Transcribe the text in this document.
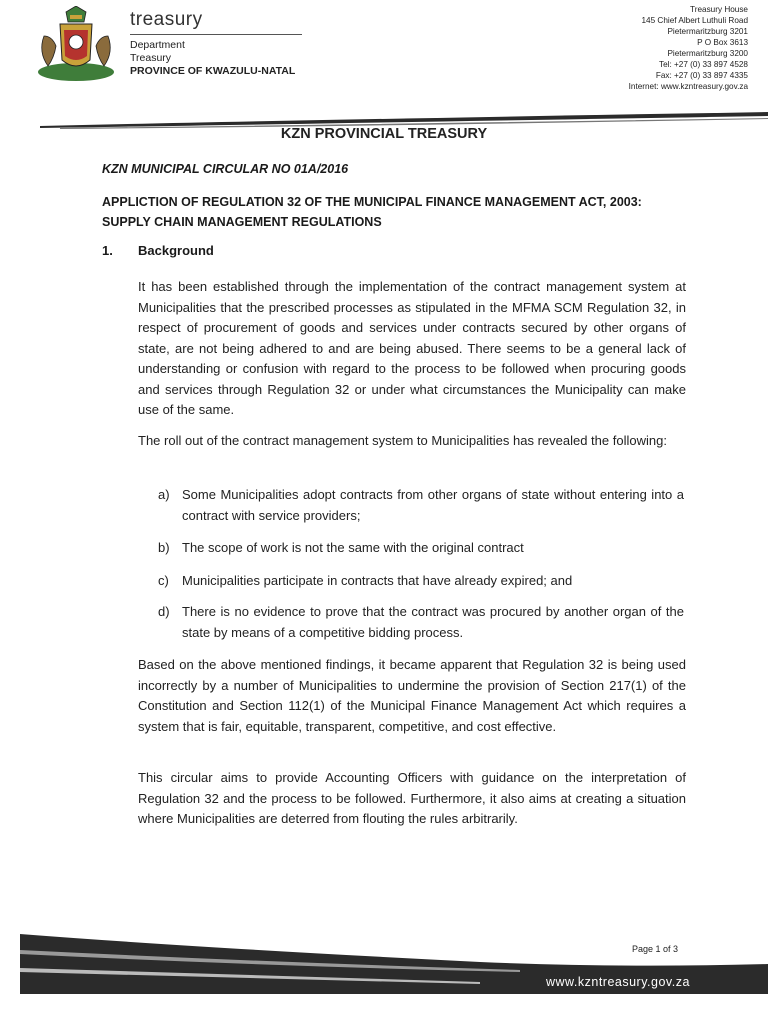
treasury
Department
Treasury
PROVINCE OF KWAZULU-NATAL
Treasury House
145 Chief Albert Luthuli Road
Pietermaritzburg 3201
P O Box 3613
Pietermaritzburg 3200
Tel: +27 (0) 33 897 4528
Fax: +27 (0) 33 897 4335
Internet: www.kzntreasury.gov.za
KZN PROVINCIAL TREASURY
KZN MUNICIPAL CIRCULAR NO 01A/2016
APPLICTION OF REGULATION 32 OF THE MUNICIPAL FINANCE MANAGEMENT ACT, 2003:
SUPPLY CHAIN MANAGEMENT REGULATIONS
1. Background
It has been established through the implementation of the contract management system at Municipalities that the prescribed processes as stipulated in the MFMA SCM Regulation 32, in respect of procurement of goods and services under contracts secured by other organs of state, are not being adhered to and are being abused. There seems to be a general lack of understanding or confusion with regard to the process to be followed when procuring goods and services through Regulation 32 or under what circumstances the Municipality can make use of the same.
The roll out of the contract management system to Municipalities has revealed the following:
a) Some Municipalities adopt contracts from other organs of state without entering into a contract with service providers;
b) The scope of work is not the same with the original contract
c) Municipalities participate in contracts that have already expired; and
d) There is no evidence to prove that the contract was procured by another organ of the state by means of a competitive bidding process.
Based on the above mentioned findings, it became apparent that Regulation 32 is being used incorrectly by a number of Municipalities to undermine the provision of Section 217(1) of the Constitution and Section 112(1) of the Municipal Finance Management Act which requires a system that is fair, equitable, transparent, competitive, and cost effective.
This circular aims to provide Accounting Officers with guidance on the interpretation of Regulation 32 and the process to be followed. Furthermore, it also aims at creating a situation where Municipalities are deterred from flouting the rules arbitrarily.
Page 1 of 3
www.kzntreasury.gov.za
